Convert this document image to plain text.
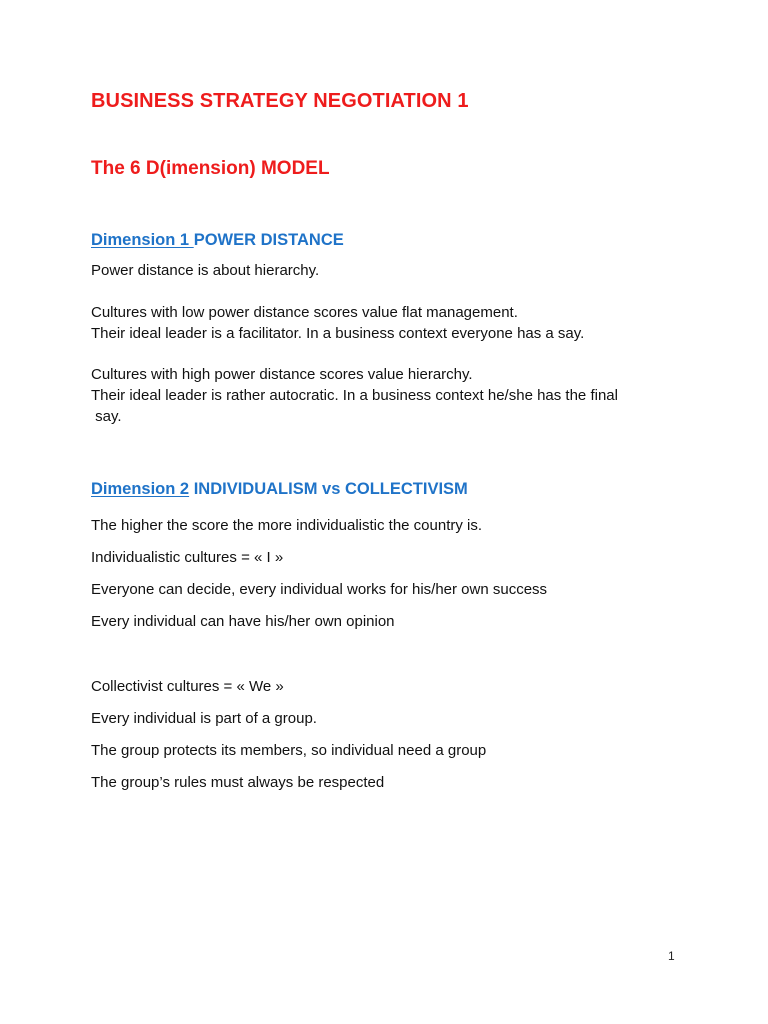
BUSINESS STRATEGY NEGOTIATION 1
The 6 D(imension) MODEL
Dimension 1 POWER DISTANCE
Power distance is about hierarchy.
Cultures with low power distance scores value flat management.
Their ideal leader is a facilitator. In a business context everyone has a say.
Cultures with high power distance scores value hierarchy.
Their ideal leader is rather autocratic. In a business context he/she has the final
say.
Dimension 2 INDIVIDUALISM vs COLLECTIVISM
The higher the score the more individualistic the country is.
Individualistic cultures = « I »
Everyone can decide, every individual works for his/her own success
Every individual can have his/her own opinion
Collectivist cultures = « We »
Every individual is part of a group.
The group protects its members, so individual need a group
The group’s rules must always be respected
1
